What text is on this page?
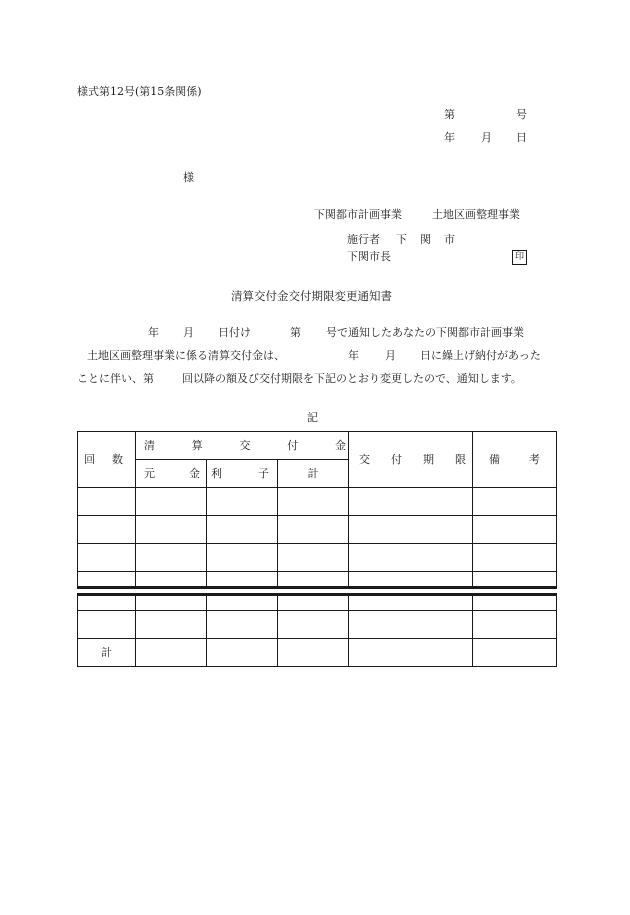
様式第12号(第15条関係)
第	号
年 月 日
様
下関都市計画事業	土地区画整理事業
施行者 下 関 市
下関市長	印
清算交付金交付期限変更通知書
年 月 日付け	第 号で通知したあなたの下関都市計画事業
土地区画整理事業に係る清算交付金は、	年 月 日に繰上げ納付があった
ことに伴い、第	回以降の額及び交付期限を下記のとおり変更したので、通知します。
記
回 数	清 算 交 付 金			交 付 期 限	備 考

	元 金	利 子	計		

計					
